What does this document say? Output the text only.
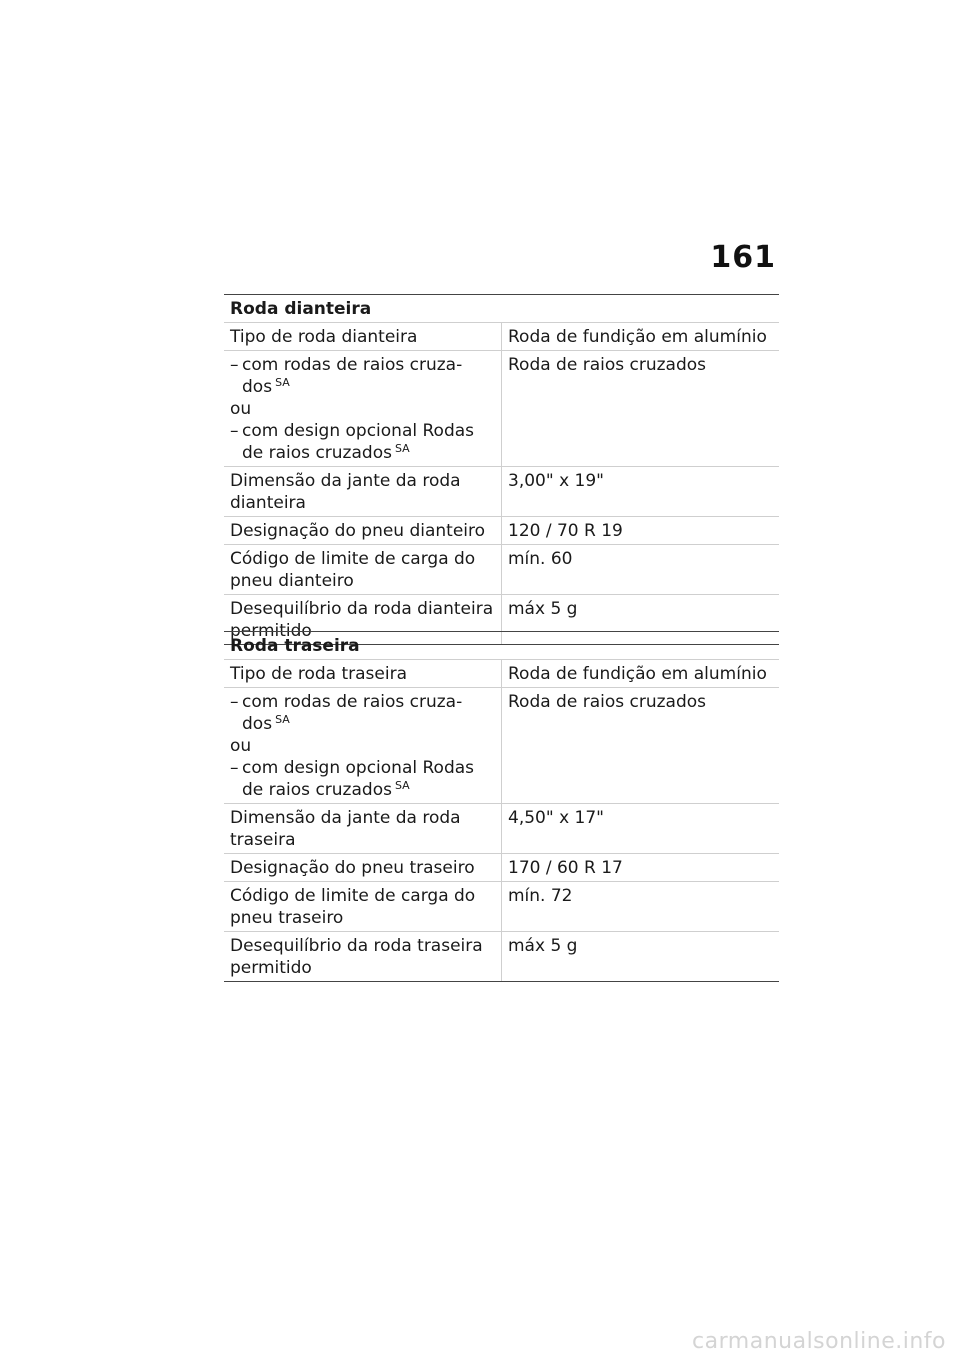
161
Roda dianteira
Tipo de roda dianteira	Roda de fundição em alumínio

– com rodas de raios cruza-
dos $^{SA}$
ou
– com design opcional Rodas
de raios cruzados $^{SA}$	Roda de raios cruzados
Dimensão da jante da roda dianteira	3,00" x 19"
Designação do pneu dianteiro	120 / 70 R 19
Código de limite de carga do pneu dianteiro	mín. 60
Desequilíbrio da roda dianteira permitido	máx 5 g
Roda traseira
Tipo de roda traseira	Roda de fundição em alumínio

– com rodas de raios cruza-
dos $^{SA}$
ou
– com design opcional Rodas
de raios cruzados $^{SA}$	Roda de raios cruzados
Dimensão da jante da roda traseira	4,50" x 17"
Designação do pneu traseiro	170 / 60 R 17
Código de limite de carga do pneu traseiro	mín. 72
Desequilíbrio da roda traseira permitido	máx 5 g
carmanualsonline.info
